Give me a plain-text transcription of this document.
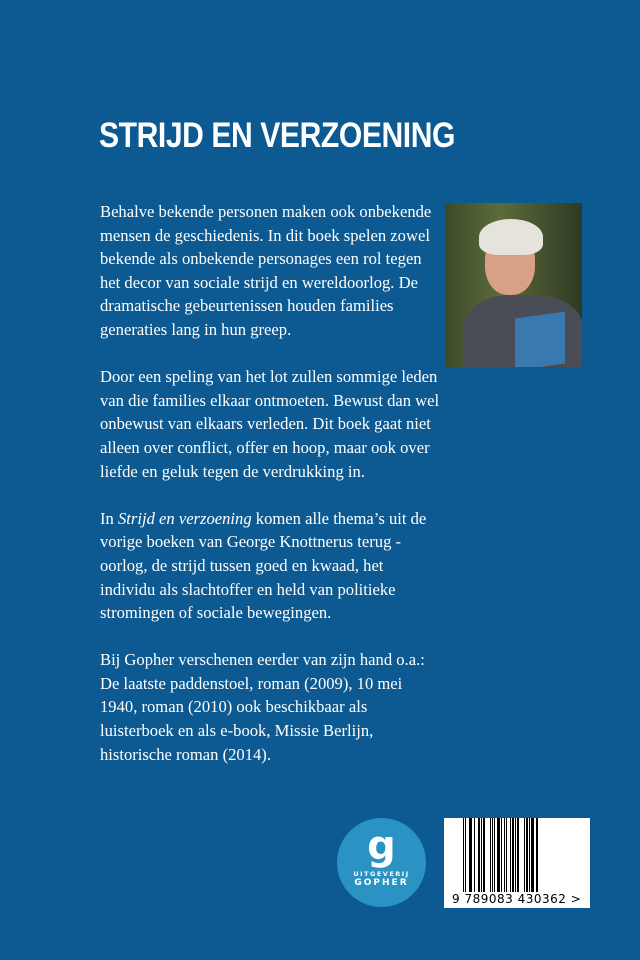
STRIJD EN VERZOENING

Behalve bekende personen maken ook onbekende mensen de geschiedenis. In dit boek spelen zowel bekende als onbekende personages een rol tegen het decor van sociale strijd en wereldoorlog. De dramatische gebeurtenissen houden families generaties lang in hun greep.

Door een speling van het lot zullen sommige leden van die families elkaar ontmoeten. Bewust dan wel onbewust van elkaars verleden. Dit boek gaat niet alleen over conflict, offer en hoop, maar ook over liefde en geluk tegen de verdrukking in.

In Strijd en verzoening komen alle thema’s uit de vorige boeken van George Knottnerus terug - oorlog, de strijd tussen goed en kwaad, het individu als slachtoffer en held van politieke stromingen of sociale bewegingen.

Bij Gopher verschenen eerder van zijn hand o.a.: De laatste paddenstoel, roman (2009), 10 mei 1940, roman (2010) ook beschikbaar als luisterboek en als e-book, Missie Berlijn, historische roman (2014).

g
UITGEVERIJ
GOPHER
9 789083 430362 >
